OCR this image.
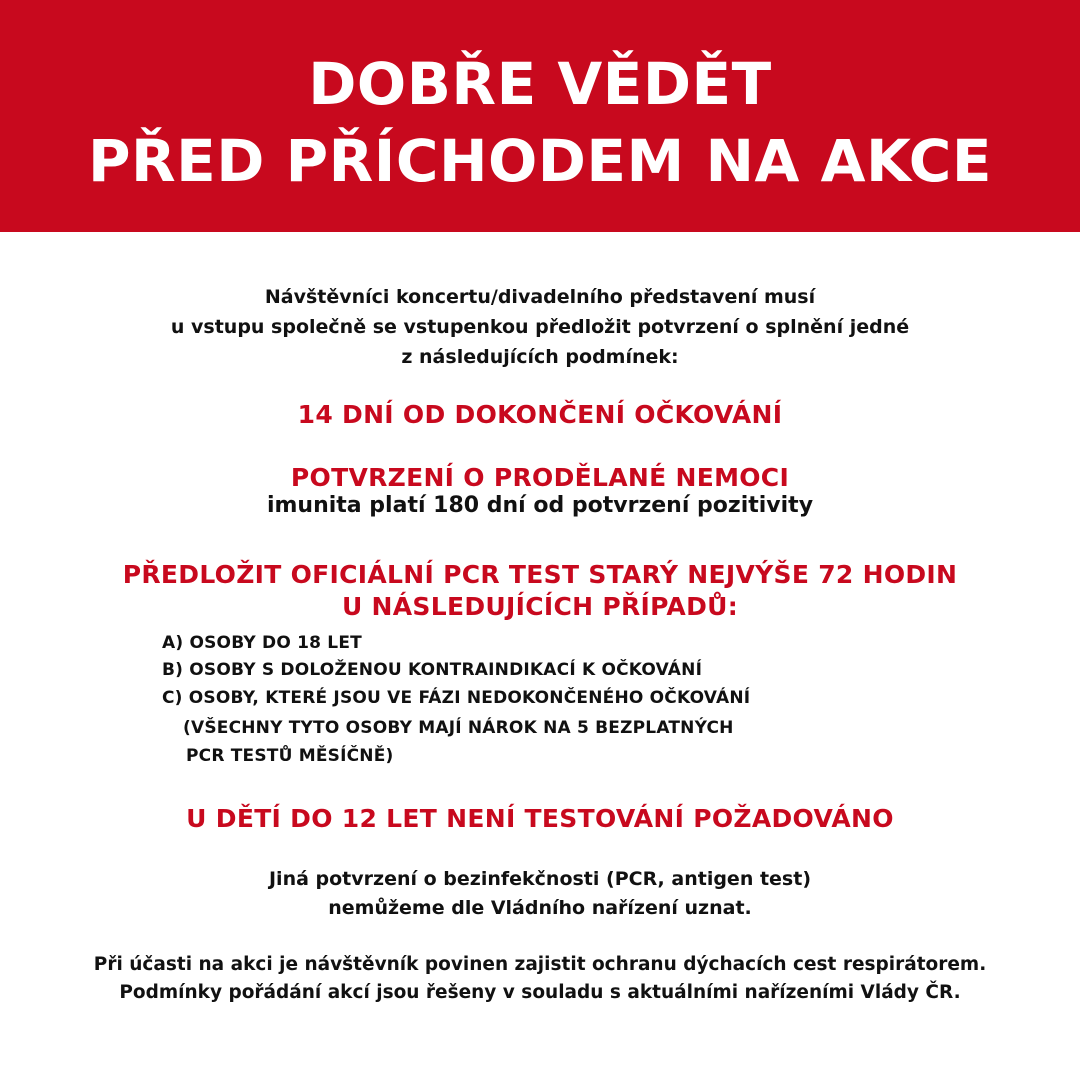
DOBŘE VĚDĚT
PŘED PŘÍCHODEM NA AKCE
Návštěvníci koncertu/divadelního představení musí
u vstupu společně se vstupenkou předložit potvrzení o splnění jedné
z následujících podmínek:
14 DNÍ OD DOKONČENÍ OČKOVÁNÍ
POTVRZENÍ O PRODĚLANÉ NEMOCI
imunita platí 180 dní od potvrzení pozitivity
PŘEDLOŽIT OFICIÁLNÍ PCR TEST STARÝ NEJVÝŠE 72 HODIN
U NÁSLEDUJÍCÍCH PŘÍPADŮ:
A) OSOBY DO 18 LET
B) OSOBY S DOLOŽENOU KONTRAINDIKACÍ K OČKOVÁNÍ
C) OSOBY, KTERÉ JSOU VE FÁZI NEDOKONČENÉHO OČKOVÁNÍ
(VŠECHNY TYTO OSOBY MAJÍ NÁROK NA 5 BEZPLATNÝCH
PCR TESTŮ MĚSÍČNĚ)
U DĚTÍ DO 12 LET NENÍ TESTOVÁNÍ POŽADOVÁNO
Jiná potvrzení o bezinfekčnosti (PCR, antigen test)
nemůžeme dle Vládního nařízení uznat.
Při účasti na akci je návštěvník povinen zajistit ochranu dýchacích cest respirátorem.
Podmínky pořádání akcí jsou řešeny v souladu s aktuálními nařízeními Vlády ČR.
